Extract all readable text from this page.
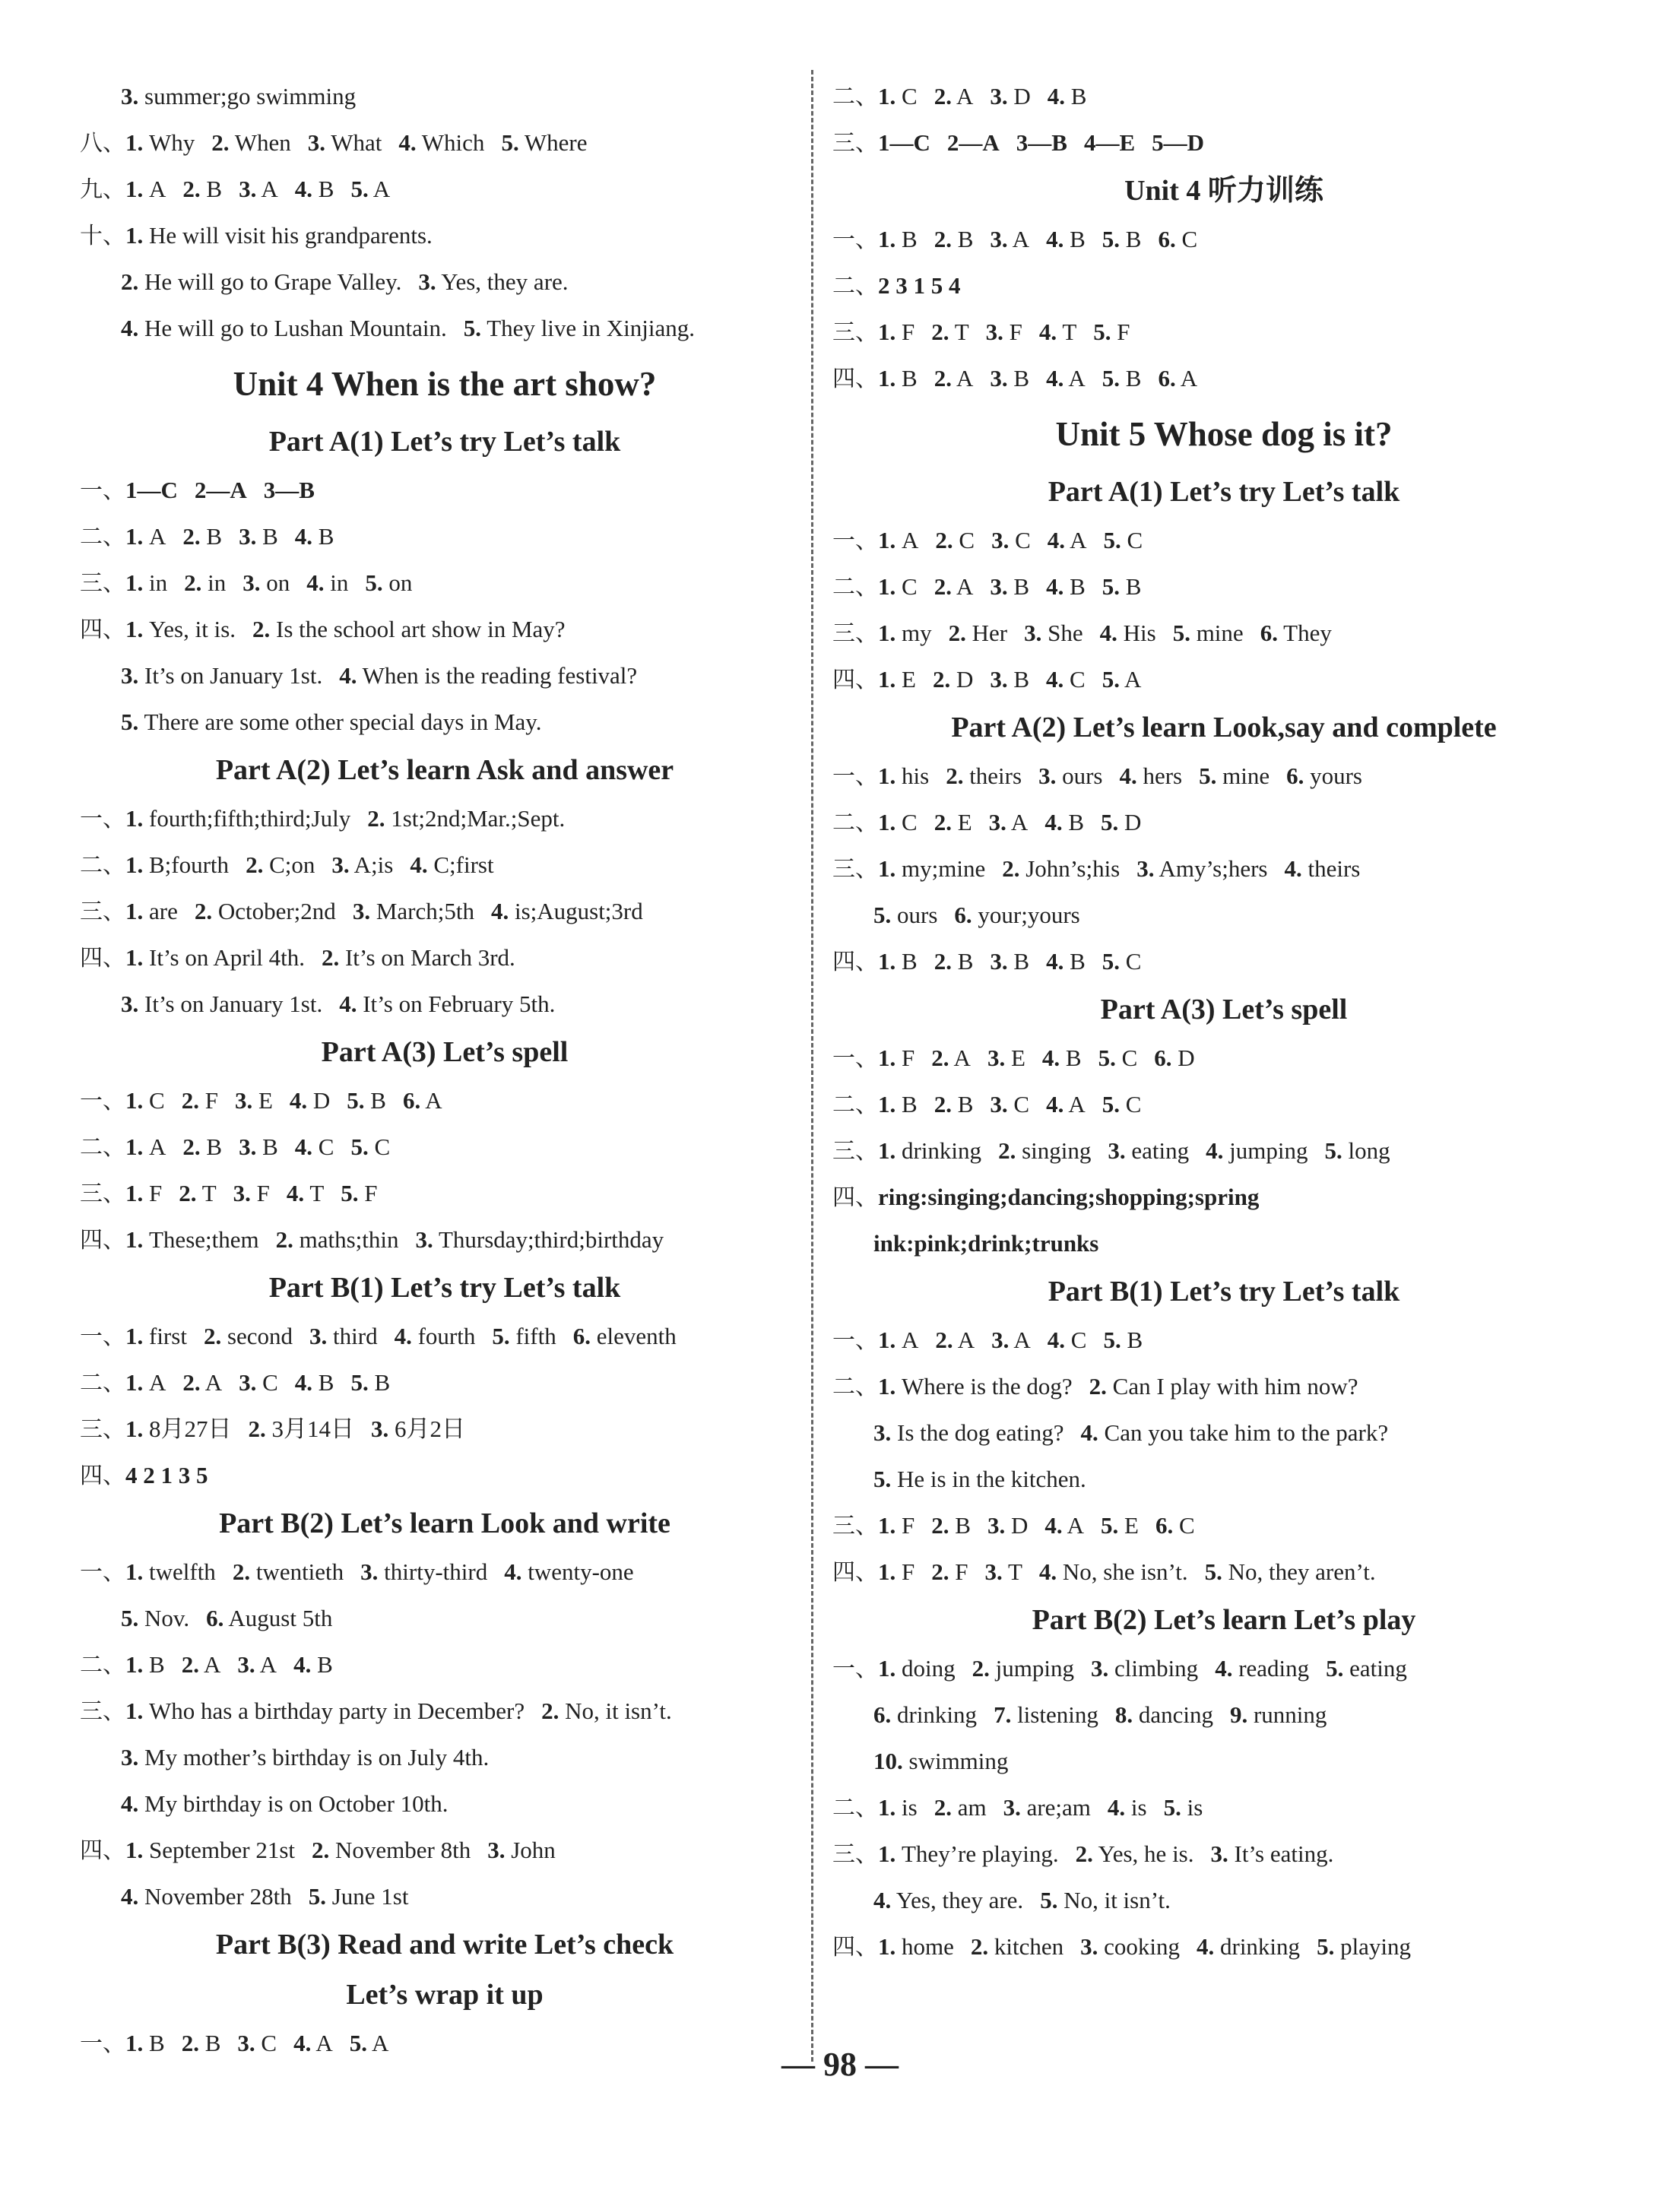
3. summer;go swimming
八、1. Why 2. When 3. What 4. Which 5. Where
九、1. A 2. B 3. A 4. B 5. A
十、1. He will visit his grandparents.
2. He will go to Grape Valley. 3. Yes, they are.
4. He will go to Lushan Mountain. 5. They live in Xinjiang.
Unit 4 When is the art show?
Part A(1) Let’s try Let’s talk
一、1—C 2—A 3—B
二、1. A 2. B 3. B 4. B
三、1. in 2. in 3. on 4. in 5. on
四、1. Yes, it is. 2. Is the school art show in May?
3. It’s on January 1st. 4. When is the reading festival?
5. There are some other special days in May.
Part A(2) Let’s learn Ask and answer
一、1. fourth;fifth;third;July 2. 1st;2nd;Mar.;Sept.
二、1. B;fourth 2. C;on 3. A;is 4. C;first
三、1. are 2. October;2nd 3. March;5th 4. is;August;3rd
四、1. It’s on April 4th. 2. It’s on March 3rd.
3. It’s on January 1st. 4. It’s on February 5th.
Part A(3) Let’s spell
一、1. C 2. F 3. E 4. D 5. B 6. A
二、1. A 2. B 3. B 4. C 5. C
三、1. F 2. T 3. F 4. T 5. F
四、1. These;them 2. maths;thin 3. Thursday;third;birthday
Part B(1) Let’s try Let’s talk
一、1. first 2. second 3. third 4. fourth 5. fifth 6. eleventh
二、1. A 2. A 3. C 4. B 5. B
三、1. 8月27日 2. 3月14日 3. 6月2日
四、4 2 1 3 5
Part B(2) Let’s learn Look and write
一、1. twelfth 2. twentieth 3. thirty-third 4. twenty-one
5. Nov. 6. August 5th
二、1. B 2. A 3. A 4. B
三、1. Who has a birthday party in December? 2. No, it isn’t.
3. My mother’s birthday is on July 4th.
4. My birthday is on October 10th.
四、1. September 21st 2. November 8th 3. John
4. November 28th 5. June 1st
Part B(3) Read and write Let’s check
Let’s wrap it up
一、1. B 2. B 3. C 4. A 5. A
二、1. C 2. A 3. D 4. B
三、1—C 2—A 3—B 4—E 5—D
Unit 4 听力训练
一、1. B 2. B 3. A 4. B 5. B 6. C
二、2 3 1 5 4
三、1. F 2. T 3. F 4. T 5. F
四、1. B 2. A 3. B 4. A 5. B 6. A
Unit 5 Whose dog is it?
Part A(1) Let’s try Let’s talk
一、1. A 2. C 3. C 4. A 5. C
二、1. C 2. A 3. B 4. B 5. B
三、1. my 2. Her 3. She 4. His 5. mine 6. They
四、1. E 2. D 3. B 4. C 5. A
Part A(2) Let’s learn Look,say and complete
一、1. his 2. theirs 3. ours 4. hers 5. mine 6. yours
二、1. C 2. E 3. A 4. B 5. D
三、1. my;mine 2. John’s;his 3. Amy’s;hers 4. theirs
5. ours 6. your;yours
四、1. B 2. B 3. B 4. B 5. C
Part A(3) Let’s spell
一、1. F 2. A 3. E 4. B 5. C 6. D
二、1. B 2. B 3. C 4. A 5. C
三、1. drinking 2. singing 3. eating 4. jumping 5. long
四、ring:singing;dancing;shopping;spring
ink:pink;drink;trunks
Part B(1) Let’s try Let’s talk
一、1. A 2. A 3. A 4. C 5. B
二、1. Where is the dog? 2. Can I play with him now?
3. Is the dog eating? 4. Can you take him to the park?
5. He is in the kitchen.
三、1. F 2. B 3. D 4. A 5. E 6. C
四、1. F 2. F 3. T 4. No, she isn’t. 5. No, they aren’t.
Part B(2) Let’s learn Let’s play
一、1. doing 2. jumping 3. climbing 4. reading 5. eating
6. drinking 7. listening 8. dancing 9. running
10. swimming
二、1. is 2. am 3. are;am 4. is 5. is
三、1. They’re playing. 2. Yes, he is. 3. It’s eating.
4. Yes, they are. 5. No, it isn’t.
四、1. home 2. kitchen 3. cooking 4. drinking 5. playing
— 98 —
